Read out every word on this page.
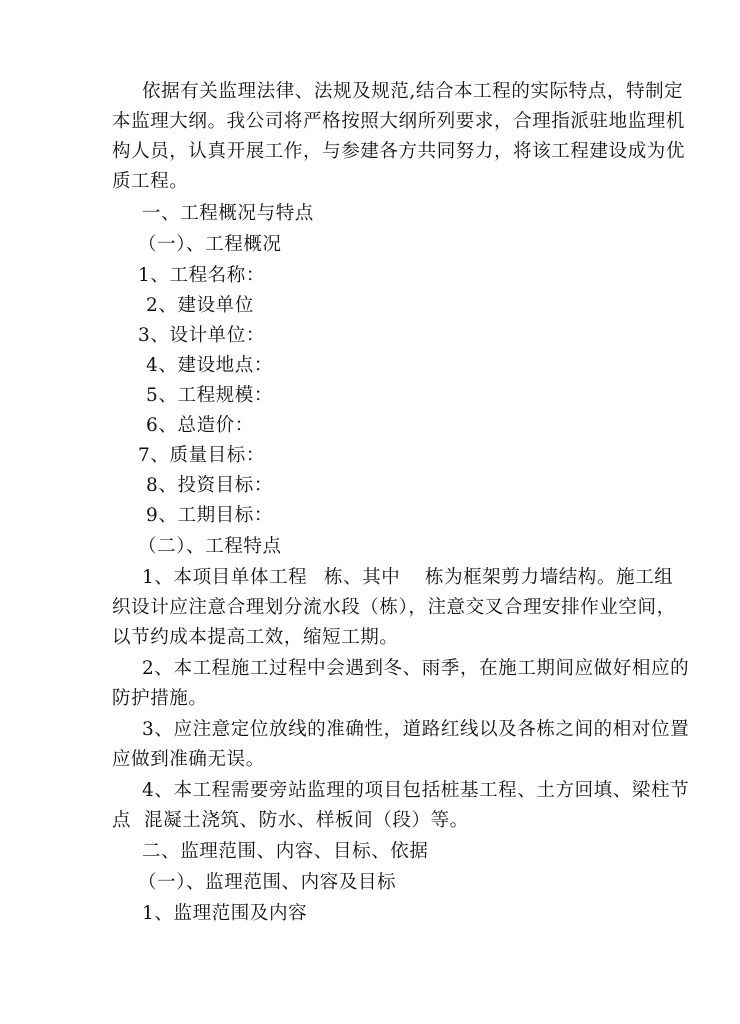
依据有关监理法律、法规及规范,结合本工程的实际特点，特制定
本监理大纲。我公司将严格按照大纲所列要求，合理指派驻地监理机
构人员，认真开展工作，与参建各方共同努力，将该工程建设成为优
质工程。
一、工程概况与特点
（一）、工程概况
1、工程名称：
2、建设单位
3、设计单位：
4、建设地点：
5、工程规模：
6、总造价：
7、质量目标：
8、投资目标：
9、工期目标：
（二）、工程特点
1、本项目单体工程 栋、其中 栋为框架剪力墙结构。施工组
织设计应注意合理划分流水段（栋），注意交叉合理安排作业空间，
以节约成本提高工效，缩短工期。
2、本工程施工过程中会遇到冬、雨季，在施工期间应做好相应的
防护措施。
3、应注意定位放线的准确性，道路红线以及各栋之间的相对位置
应做到准确无误。
4、本工程需要旁站监理的项目包括桩基工程、土方回填、梁柱节
点  混凝土浇筑、防水、样板间（段）等。
二、监理范围、内容、目标、依据
（一）、监理范围、内容及目标
1、监理范围及内容
